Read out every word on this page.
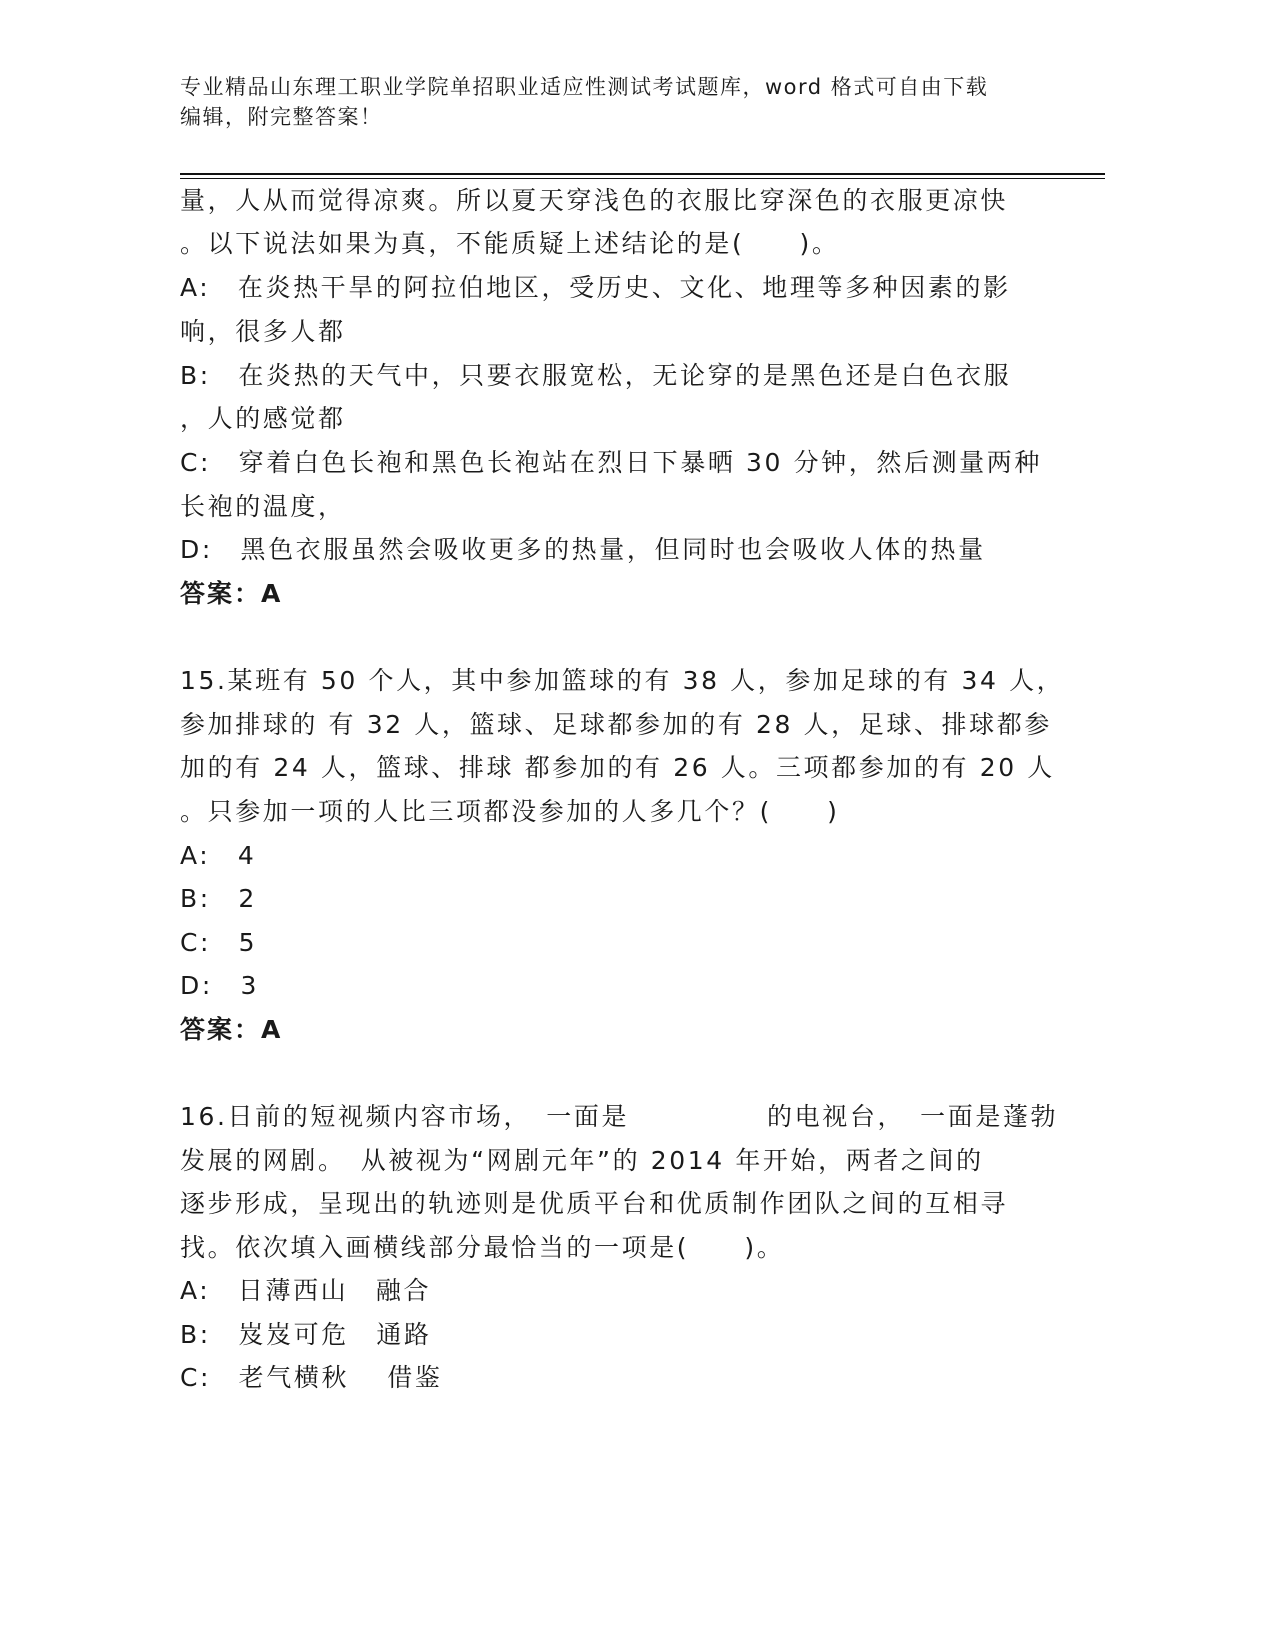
专业精品山东理工职业学院单招职业适应性测试考试题库，word 格式可自由下载
编辑，附完整答案！
量，人从而觉得凉爽。所以夏天穿浅色的衣服比穿深色的衣服更凉快
。以下说法如果为真，不能质疑上述结论的是(　　)。
A:　在炎热干旱的阿拉伯地区，受历史、文化、地理等多种因素的影
响，很多人都
B:　在炎热的天气中，只要衣服宽松，无论穿的是黑色还是白色衣服
，人的感觉都
C:　穿着白色长袍和黑色长袍站在烈日下暴晒 30 分钟，然后测量两种
长袍的温度，
D:　黑色衣服虽然会吸收更多的热量，但同时也会吸收人体的热量
答案：A
15.某班有 50 个人，其中参加篮球的有 38 人，参加足球的有 34 人，
参加排球的 有 32 人，篮球、足球都参加的有 28 人，足球、排球都参
加的有 24 人，篮球、排球 都参加的有 26 人。三项都参加的有 20 人
。只参加一项的人比三项都没参加的人多几个？(　　)
A:　4
B:　2
C:　5
D:　3
答案：A
16.日前的短视频内容市场，　一面是　　　　　的电视台，　一面是蓬勃
发展的网剧。　从被视为“网剧元年”的 2014 年开始，两者之间的
逐步形成，呈现出的轨迹则是优质平台和优质制作团队之间的互相寻
找。依次填入画横线部分最恰当的一项是(　　)。
A:　日薄西山　融合
B:　岌岌可危　通路
C:　老气横秋　 借鉴
